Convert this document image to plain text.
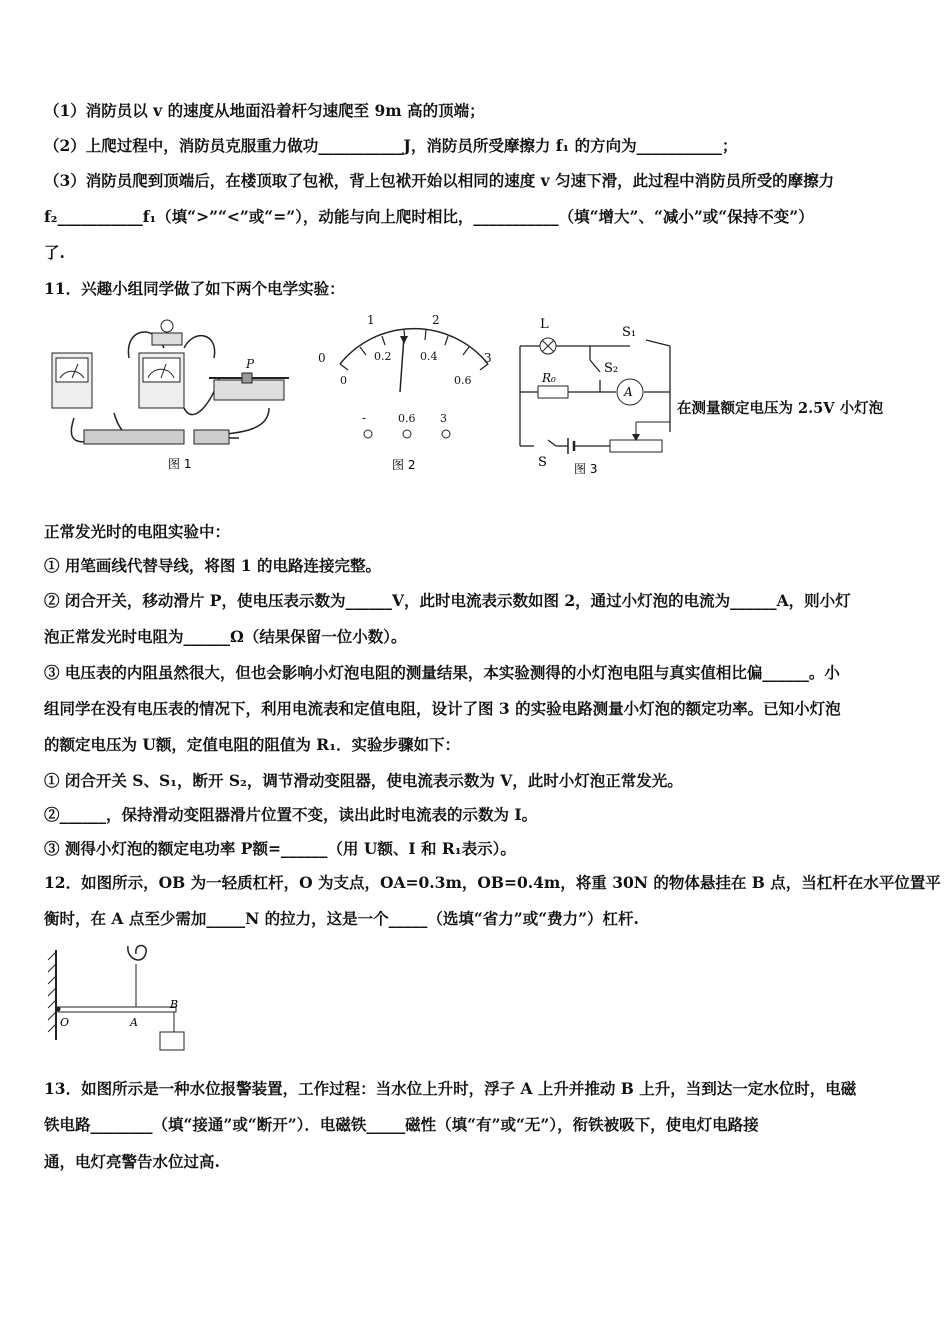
（1）消防员以 v 的速度从地面沿着杆匀速爬至 9m 高的顶端；
（2）上爬过程中，消防员克服重力做功___________J，消防员所受摩擦力 f₁ 的方向为___________；
（3）消防员爬到顶端后，在楼顶取了包袱，背上包袱开始以相同的速度 v 匀速下滑，此过程中消防员所受的摩擦力
f₂___________f₁（填“>”“<”或“=”），动能与向上爬时相比，___________（填“增大”、“减小”或“保持不变”）
了.
11．兴趣小组同学做了如下两个电学实验：
P
图 1
1	2
0	3
0.2	0.4
0	0.6
-	0.6 3
图 2
L
S₁
S₂
R₀
A
S 图 3
在测量额定电压为 2.5V 小灯泡
正常发光时的电阻实验中：
① 用笔画线代替导线，将图 1 的电路连接完整。
② 闭合开关，移动滑片 P，使电压表示数为______V，此时电流表示数如图 2，通过小灯泡的电流为______A，则小灯
泡正常发光时电阻为______Ω（结果保留一位小数）。
③ 电压表的内阻虽然很大，但也会影响小灯泡电阻的测量结果，本实验测得的小灯泡电阻与真实值相比偏______。小
组同学在没有电压表的情况下，利用电流表和定值电阻，设计了图 3 的实验电路测量小灯泡的额定功率。已知小灯泡
的额定电压为 U额，定值电阻的阻值为 R₁．实验步骤如下：
① 闭合开关 S、S₁，断开 S₂，调节滑动变阻器，使电流表示数为 V，此时小灯泡正常发光。
②______，保持滑动变阻器滑片位置不变，读出此时电流表的示数为 I。
③ 测得小灯泡的额定电功率 P额=______（用 U额、I 和 R₁表示）。
12．如图所示，OB 为一轻质杠杆，O 为支点，OA=0.3m，OB=0.4m，将重 30N 的物体悬挂在 B 点，当杠杆在水平位置平
衡时，在 A 点至少需加_____N 的拉力，这是一个_____（选填“省力”或“费力”）杠杆.
O	A
B
13．如图所示是一种水位报警装置，工作过程：当水位上升时，浮子 A 上升并推动 B 上升，当到达一定水位时，电磁
铁电路________（填“接通”或“断开”）．电磁铁_____磁性（填“有”或“无”），衔铁被吸下，使电灯电路接
通，电灯亮警告水位过高.
